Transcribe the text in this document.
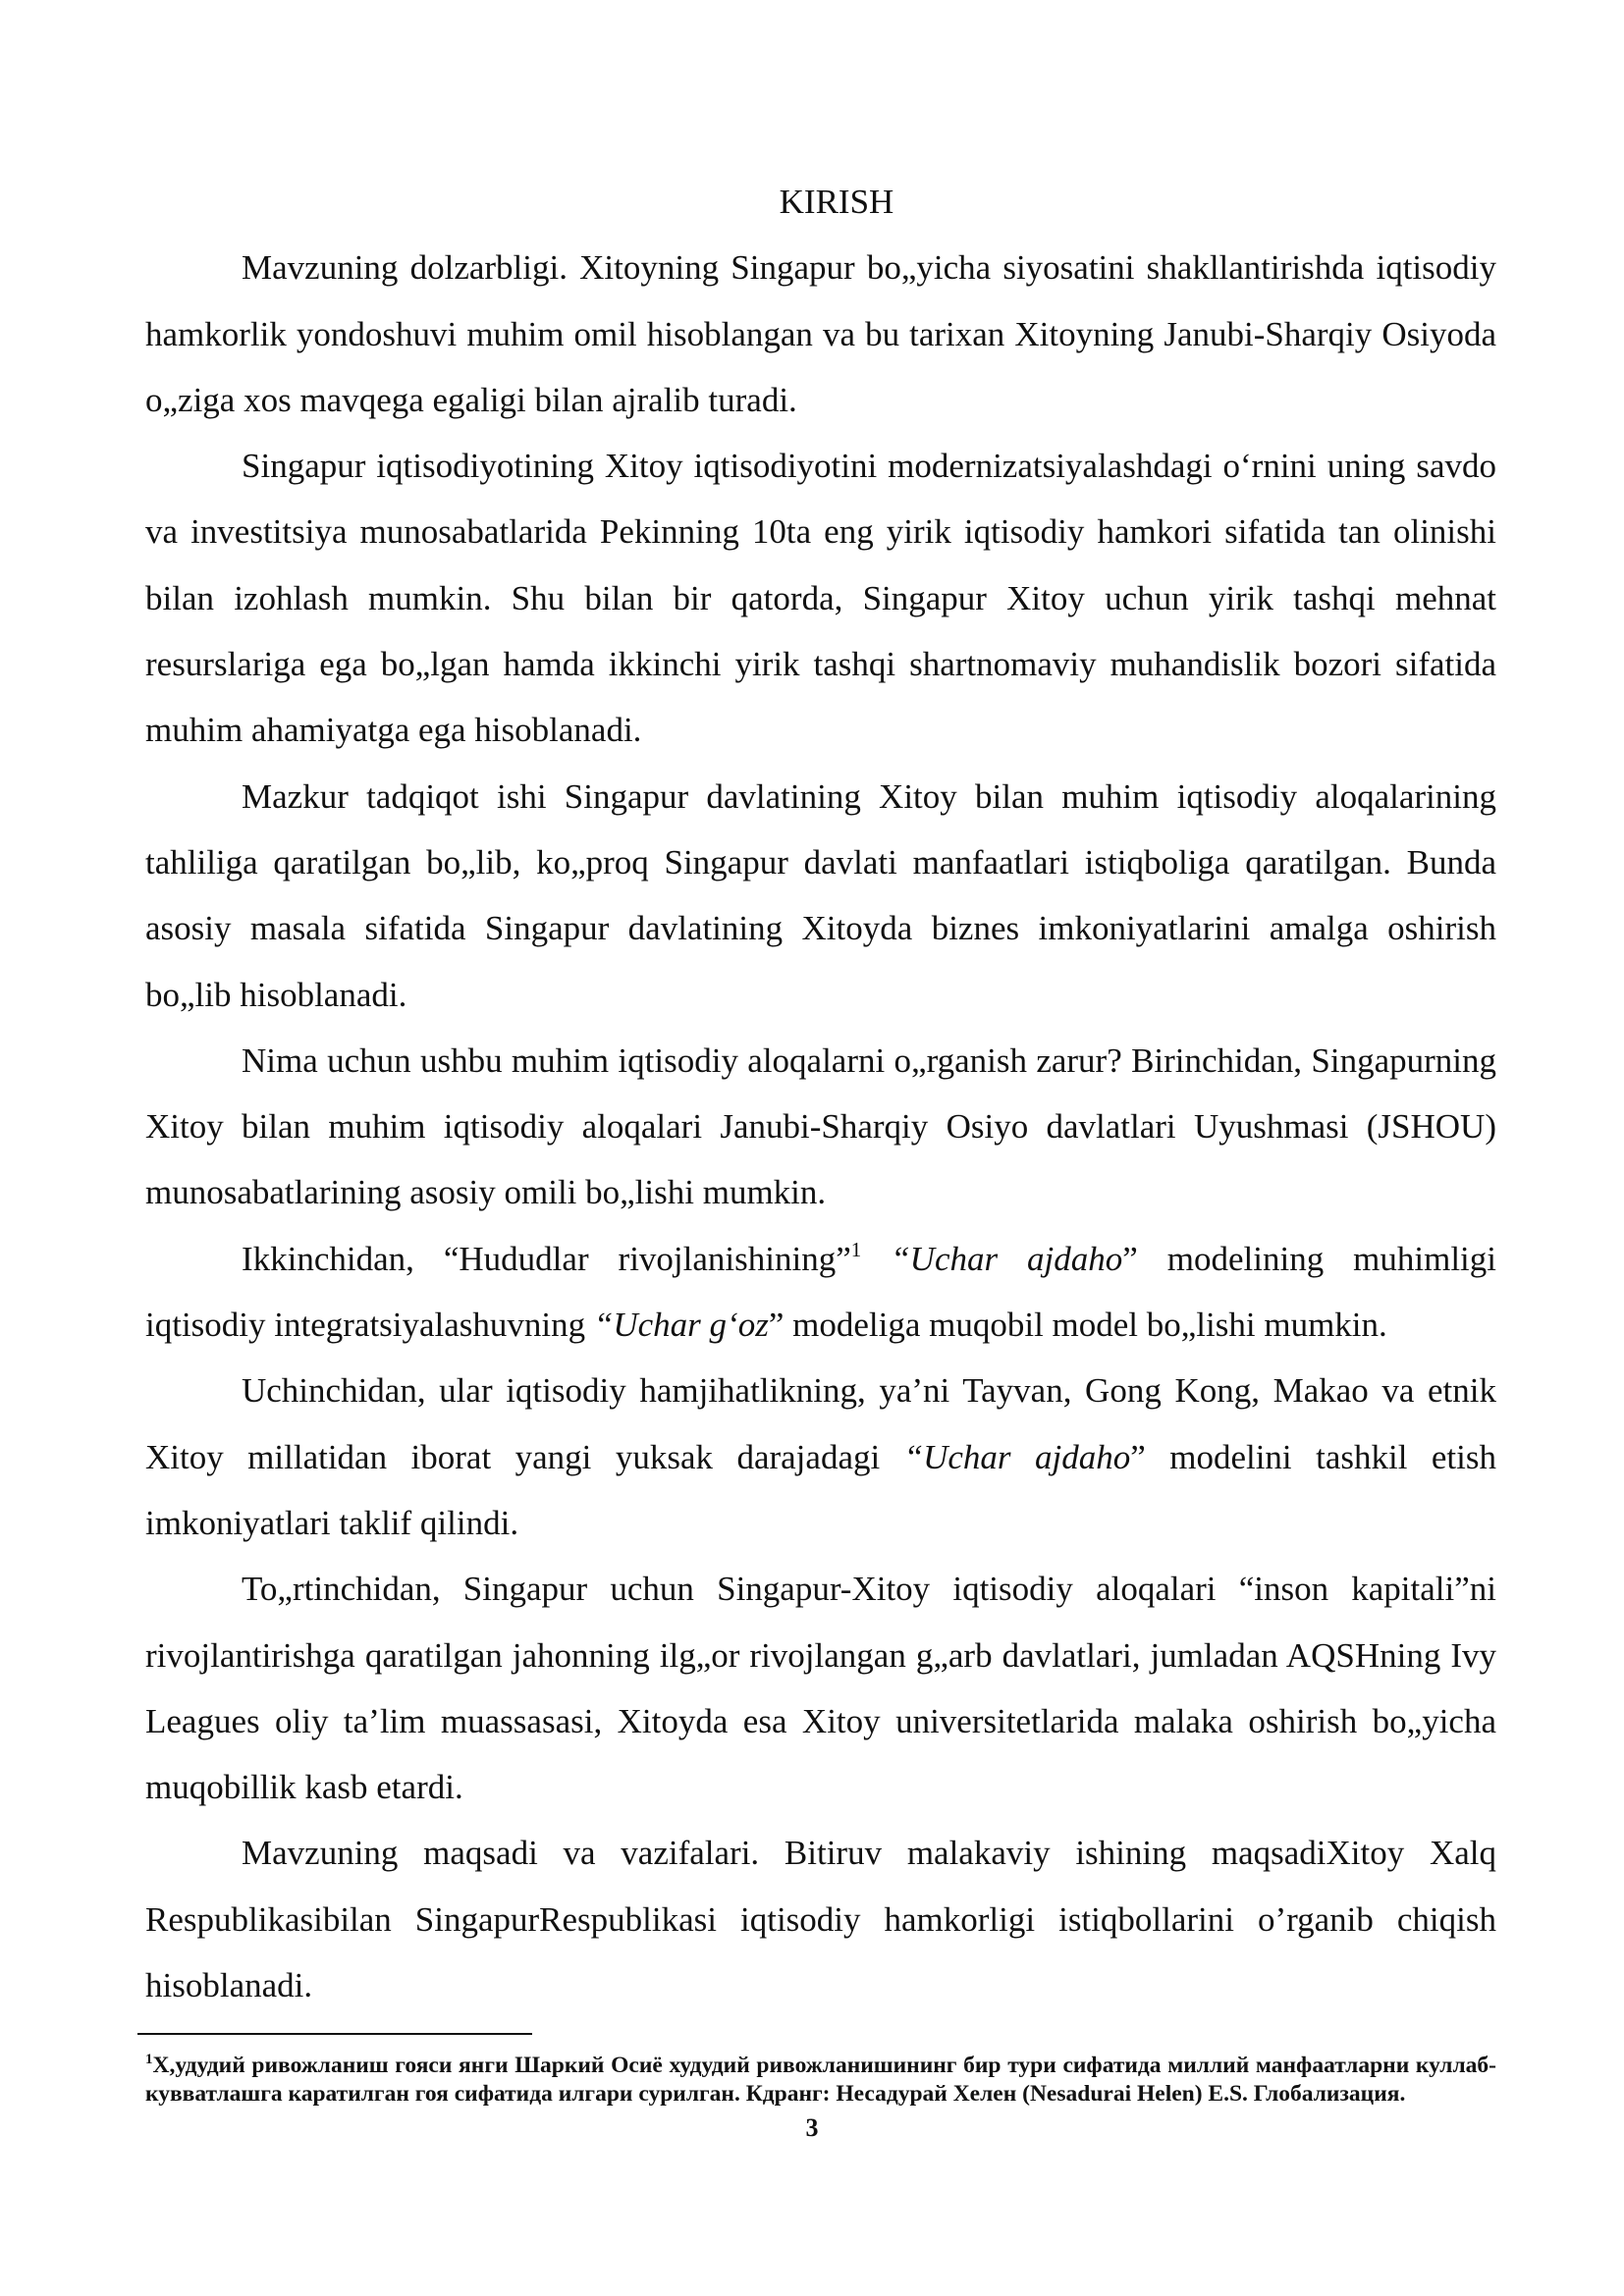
KIRISH

Mavzuning dolzarbligi. Xitoyning Singapur bo„yicha siyosatini shakllantirishda iqtisodiy hamkorlik yondoshuvi muhim omil hisoblangan va bu tarixan Xitoyning Janubi-Sharqiy Osiyoda o„ziga xos mavqega egaligi bilan ajralib turadi.

Singapur iqtisodiyotining Xitoy iqtisodiyotini modernizatsiyalashdagi oʻrnini uning savdo va investitsiya munosabatlarida Pekinning 10ta eng yirik iqtisodiy hamkori sifatida tan olinishi bilan izohlash mumkin. Shu bilan bir qatorda, Singapur Xitoy uchun yirik tashqi mehnat resurslariga ega bo„lgan hamda ikkinchi yirik tashqi shartnomaviy muhandislik bozori sifatida muhim ahamiyatga ega hisoblanadi.

Mazkur tadqiqot ishi Singapur davlatining Xitoy bilan muhim iqtisodiy aloqalarining tahliliga qaratilgan bo„lib, ko„proq Singapur davlati manfaatlari istiqboliga qaratilgan. Bunda asosiy masala sifatida Singapur davlatining Xitoyda biznes imkoniyatlarini amalga oshirish bo„lib hisoblanadi.

Nima uchun ushbu muhim iqtisodiy aloqalarni o„rganish zarur? Birinchidan, Singapurning Xitoy bilan muhim iqtisodiy aloqalari Janubi-Sharqiy Osiyo davlatlari Uyushmasi (JSHOU) munosabatlarining asosiy omili bo„lishi mumkin.

Ikkinchidan, “Hududlar rivojlanishining”$^1$ “Uchar ajdaho” modelining muhimligi iqtisodiy integratsiyalashuvning “Uchar gʻoz” modeliga muqobil model bo„lishi mumkin.

Uchinchidan, ular iqtisodiy hamjihatlikning, ya’ni Tayvan, Gong Kong, Makao va etnik Xitoy millatidan iborat yangi yuksak darajadagi “Uchar ajdaho” modelini tashkil etish imkoniyatlari taklif qilindi.

To„rtinchidan, Singapur uchun Singapur-Xitoy iqtisodiy aloqalari “inson kapitali”ni rivojlantirishga qaratilgan jahonning ilg„or rivojlangan g„arb davlatlari, jumladan AQSHning Ivy Leagues oliy ta’lim muassasasi, Xitoyda esa Xitoy universitetlarida malaka oshirish bo„yicha muqobillik kasb etardi.

Mavzuning maqsadi va vazifalari. Bitiruv malakaviy ishining maqsadiXitoy Xalq Respublikasibilan SingapurRespublikasi iqtisodiy hamkorligi istiqbollarini o’rganib chiqish hisoblanadi.

$^1$Х,удудий ривожланиш гояси янги Шаркий Осиё худудий ривожланишининг бир тури сифатида миллий манфаатларни куллаб-кувватлашга каратилган гоя сифатида илгари сурилган. Кдранг: Несадурай Хелен (Nesadurai Helen) E.S. Глобализация.
3
